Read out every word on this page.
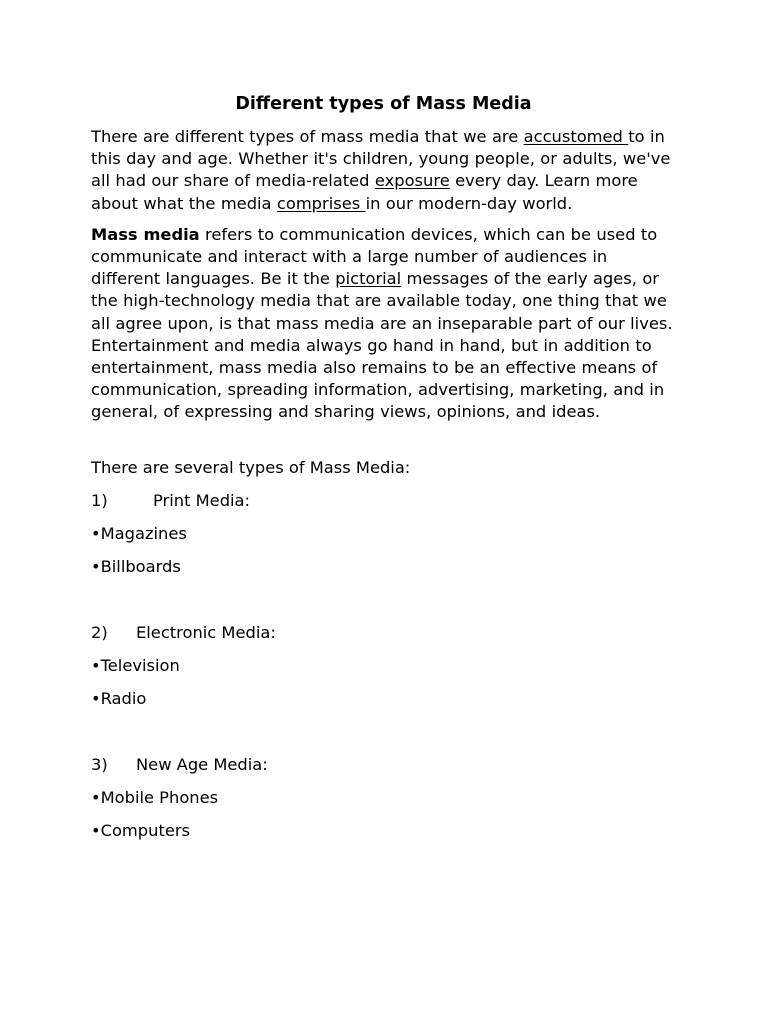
Different types of Mass Media

There are different types of mass media that we are accustomed to in this day and age. Whether it's children, young people, or adults, we've all had our share of media-related exposure every day. Learn more about what the media comprises in our modern-day world.

Mass media refers to communication devices, which can be used to communicate and interact with a large number of audiences in different languages. Be it the pictorial messages of the early ages, or the high-technology media that are available today, one thing that we all agree upon, is that mass media are an inseparable part of our lives. Entertainment and media always go hand in hand, but in addition to entertainment, mass media also remains to be an effective means of communication, spreading information, advertising, marketing, and in general, of expressing and sharing views, opinions, and ideas.

There are several types of Mass Media:

1)	Print Media:

•Magazines

•Billboards

2) Electronic Media:

•Television

•Radio

3) New Age Media:

•Mobile Phones

•Computers
